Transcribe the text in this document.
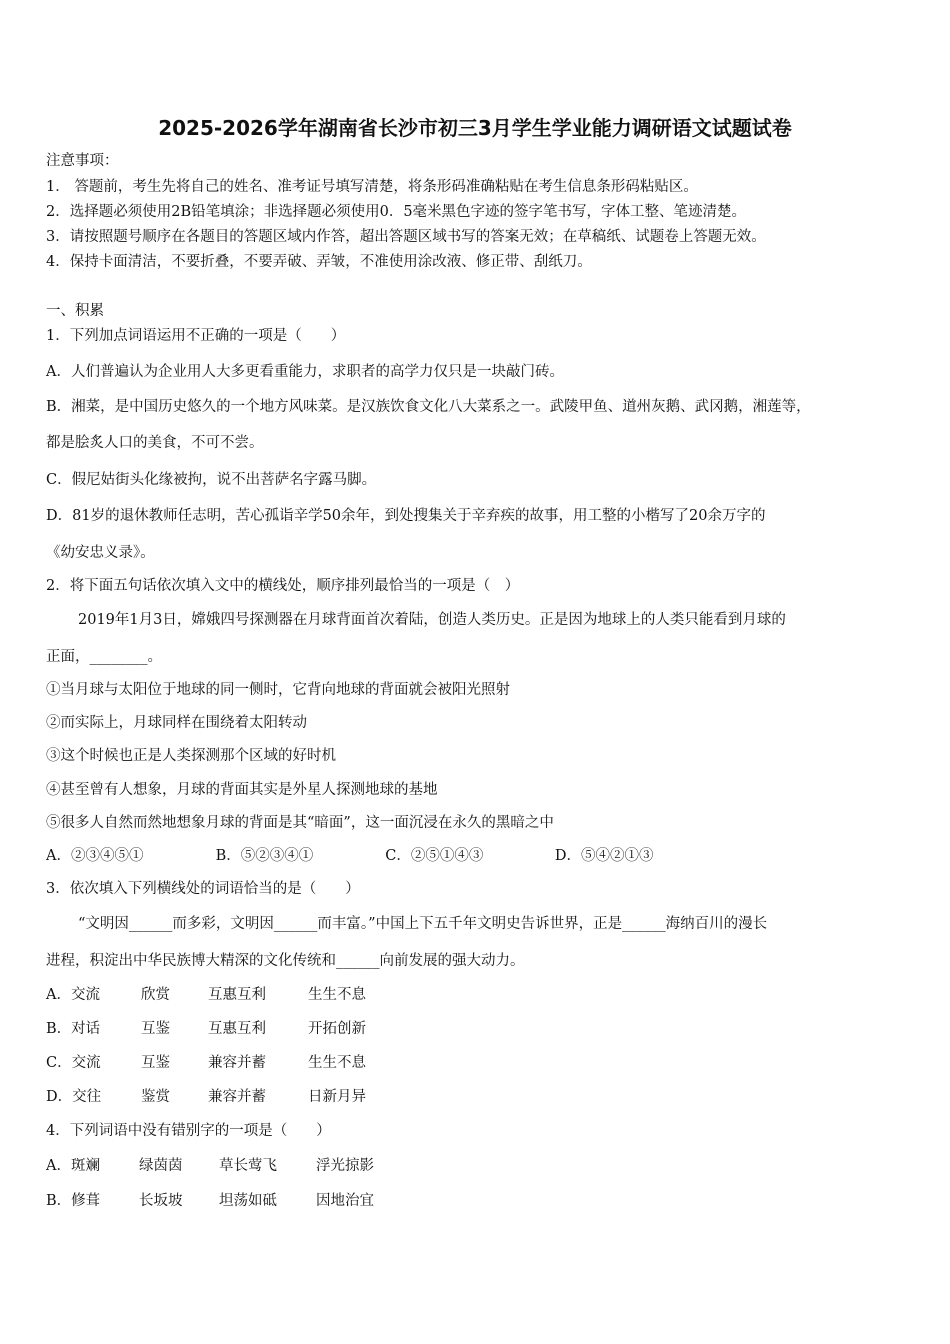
2025-2026学年湖南省长沙市初三3月学生学业能力调研语文试题试卷
注意事项：
1． 答题前，考生先将自己的姓名、准考证号填写清楚，将条形码准确粘贴在考生信息条形码粘贴区。
2．选择题必须使用2B铅笔填涂；非选择题必须使用0．5毫米黑色字迹的签字笔书写，字体工整、笔迹清楚。
3．请按照题号顺序在各题目的答题区域内作答，超出答题区域书写的答案无效；在草稿纸、试题卷上答题无效。
4．保持卡面清洁，不要折叠，不要弄破、弄皱，不准使用涂改液、修正带、刮纸刀。
一、积累
1．下列加点词语运用不正确的一项是（　　）
A．人们普遍认为企业用人大多更看重能力，求职者的高学力仅只是一块敲门砖。
B．湘菜，是中国历史悠久的一个地方风味菜。是汉族饮食文化八大菜系之一。武陵甲鱼、道州灰鹅、武冈鹅，湘莲等，
都是脍炙人口的美食，不可不尝。
C．假尼姑街头化缘被拘，说不出菩萨名字露马脚。
D．81岁的退休教师任志明，苦心孤诣辛学50余年，到处搜集关于辛弃疾的故事，用工整的小楷写了20余万字的
《幼安忠义录》。
2．将下面五句话依次填入文中的横线处，顺序排列最恰当的一项是（　）
2019年1月3日，嫦娥四号探测器在月球背面首次着陆，创造人类历史。正是因为地球上的人类只能看到月球的
正面，________。
①当月球与太阳位于地球的同一侧时，它背向地球的背面就会被阳光照射
②而实际上，月球同样在围绕着太阳转动
③这个时候也正是人类探测那个区域的好时机
④甚至曾有人想象，月球的背面其实是外星人探测地球的基地
⑤很多人自然而然地想象月球的背面是其“暗面”，这一面沉浸在永久的黑暗之中
A．②③④⑤①	B．⑤②③④①	C．②⑤①④③	D．⑤④②①③
3．依次填入下列横线处的词语恰当的是（　　）
“文明因______而多彩，文明因______而丰富。”中国上下五千年文明史告诉世界，正是______海纳百川的漫长
进程，积淀出中华民族博大精深的文化传统和______向前发展的强大动力。
A．交流	欣赏	互惠互利	生生不息
B．对话	互鉴	互惠互利	开拓创新
C．交流	互鉴	兼容并蓄	生生不息
D．交往	鉴赏	兼容并蓄	日新月异
4．下列词语中没有错别字的一项是（　　）
A．斑斓	绿茵茵	草长莺飞	浮光掠影
B．修葺	长坂坡	坦荡如砥	因地治宜
